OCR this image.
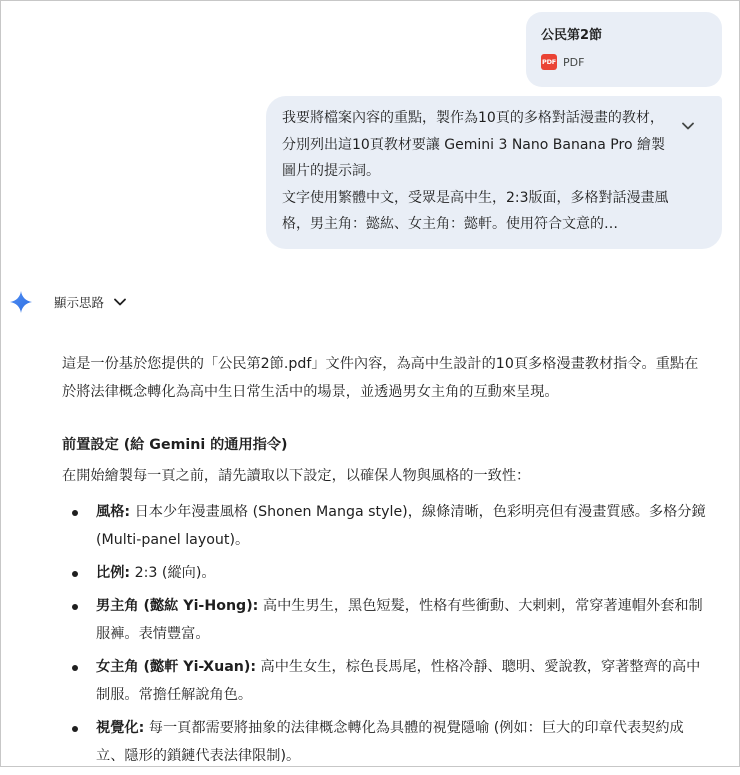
公民第2節
PDF PDF
我要將檔案內容的重點，製作為10頁的多格對話漫畫的教材，分別列出這10頁教材要讓 Gemini 3 Nano Banana Pro 繪製圖片的提示詞。
文字使用繁體中文，受眾是高中生，2:3版面，多格對話漫畫風格，男主角：懿紘、女主角：懿軒。使用符合文意的…
顯示思路

這是一份基於您提供的「公民第2節.pdf」文件內容，為高中生設計的10頁多格漫畫教材指令。重點在於將法律概念轉化為高中生日常生活中的場景，並透過男女主角的互動來呈現。

前置設定 (給 Gemini 的通用指令)

在開始繪製每一頁之前，請先讀取以下設定，以確保人物與風格的一致性：

風格: 日本少年漫畫風格 (Shonen Manga style)，線條清晰，色彩明亮但有漫畫質感。多格分鏡 (Multi-panel layout)。
比例: 2:3 (縱向)。
男主角 (懿紘 Yi-Hong): 高中生男生，黑色短髮，性格有些衝動、大剌剌，常穿著連帽外套和制服褲。表情豐富。
女主角 (懿軒 Yi-Xuan): 高中生女生，棕色長馬尾，性格冷靜、聰明、愛說教，穿著整齊的高中制服。常擔任解說角色。
視覺化: 每一頁都需要將抽象的法律概念轉化為具體的視覺隱喻 (例如：巨大的印章代表契約成立、隱形的鎖鏈代表法律限制)。
